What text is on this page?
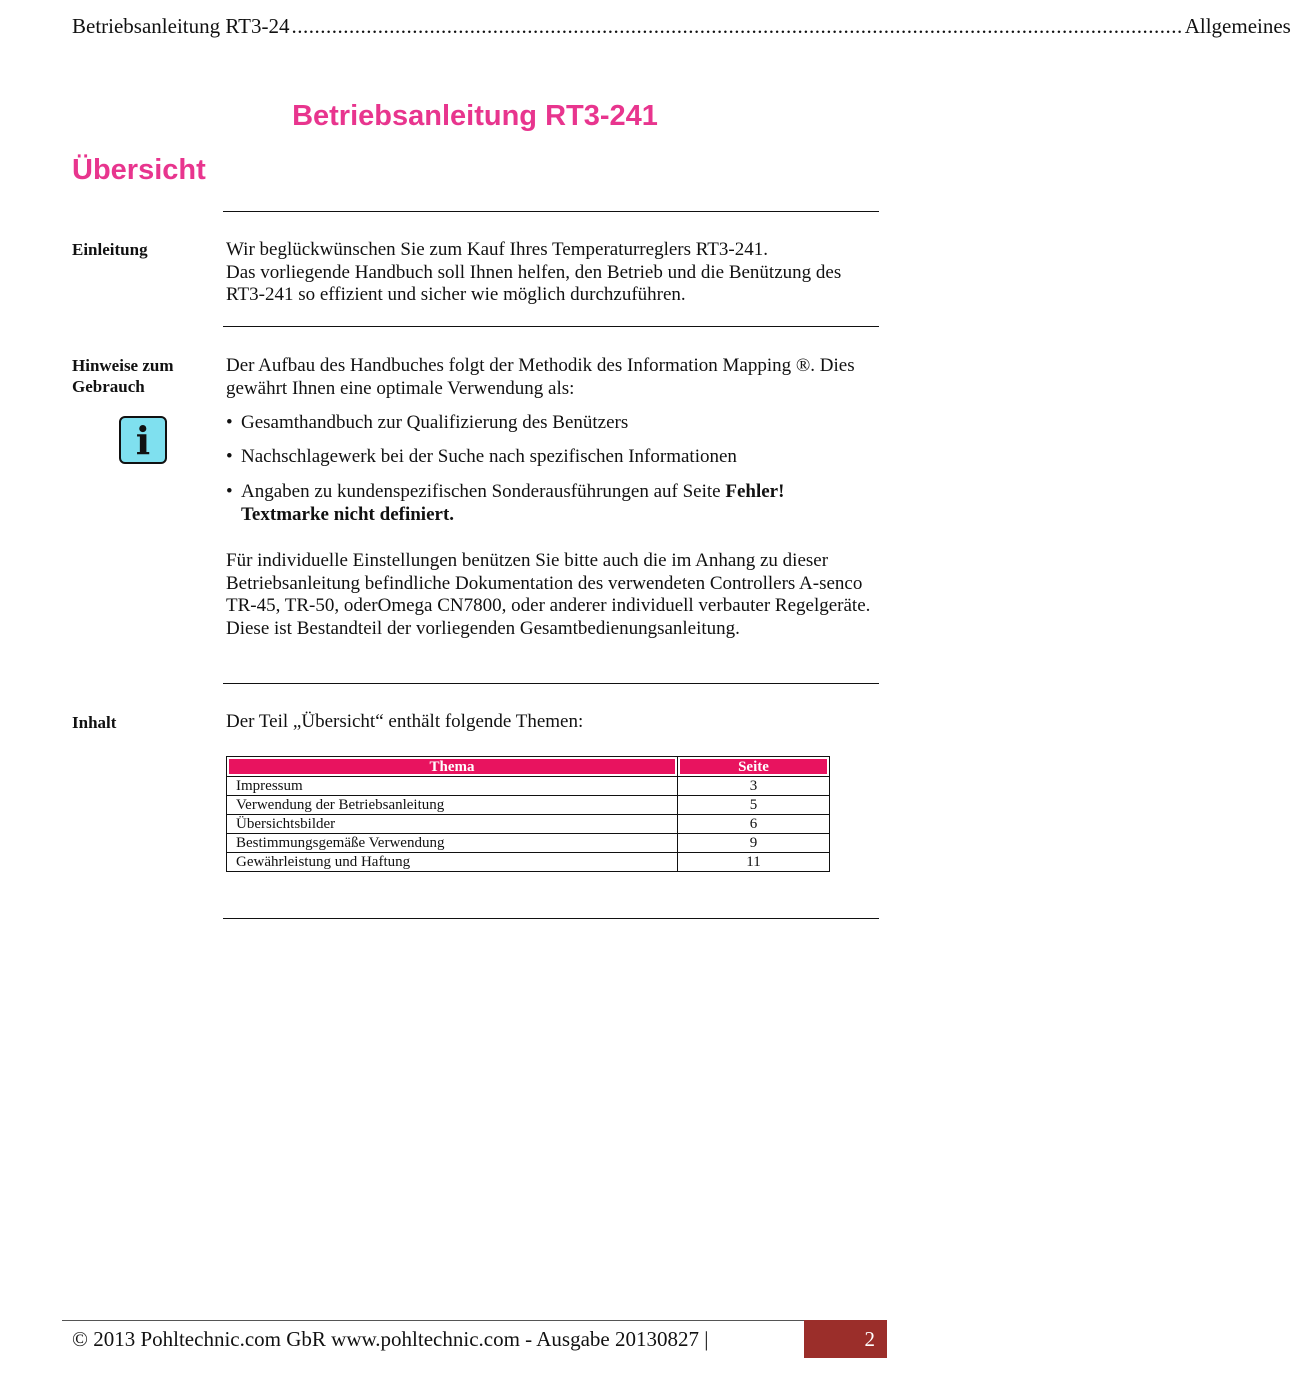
Betriebsanleitung RT3-24 ........................................................................................................................................................... Allgemeines
Betriebsanleitung RT3-241
Übersicht
Einleitung	Wir beglückwünschen Sie zum Kauf Ihres Temperaturreglers RT3-241.

Das vorliegende Handbuch soll Ihnen helfen, den Betrieb und die Benützung des RT3-241 so effizient und sicher wie möglich durchzuführen.

Hinweise zum
Gebrauch
i
Der Aufbau des Handbuches folgt der Methodik des Information Mapping ®. Dies gewährt Ihnen eine optimale Verwendung als:
• Gesamthandbuch zur Qualifizierung des Benützers
• Nachschlagewerk bei der Suche nach spezifischen Informationen
• Angaben zu kundenspezifischen Sonderausführungen auf Seite Fehler! Textmarke nicht definiert.

Für individuelle Einstellungen benützen Sie bitte auch die im Anhang zu dieser Betriebsanleitung befindliche Dokumentation des verwendeten Controllers A-senco TR-45, TR-50, oderOmega CN7800, oder anderer individuell verbauter Regelgeräte.

Diese ist Bestandteil der vorliegenden Gesamtbedienungsanleitung.

Inhalt	Der Teil „Übersicht“ enthält folgende Themen:
Thema	Seite
Impressum	3
Verwendung der Betriebsanleitung	5
Übersichtsbilder	6
Bestimmungsgemäße Verwendung	9
Gewährleistung und Haftung	11
© 2013 Pohltechnic.com GbR www.pohltechnic.com - Ausgabe 20130827 |	2
